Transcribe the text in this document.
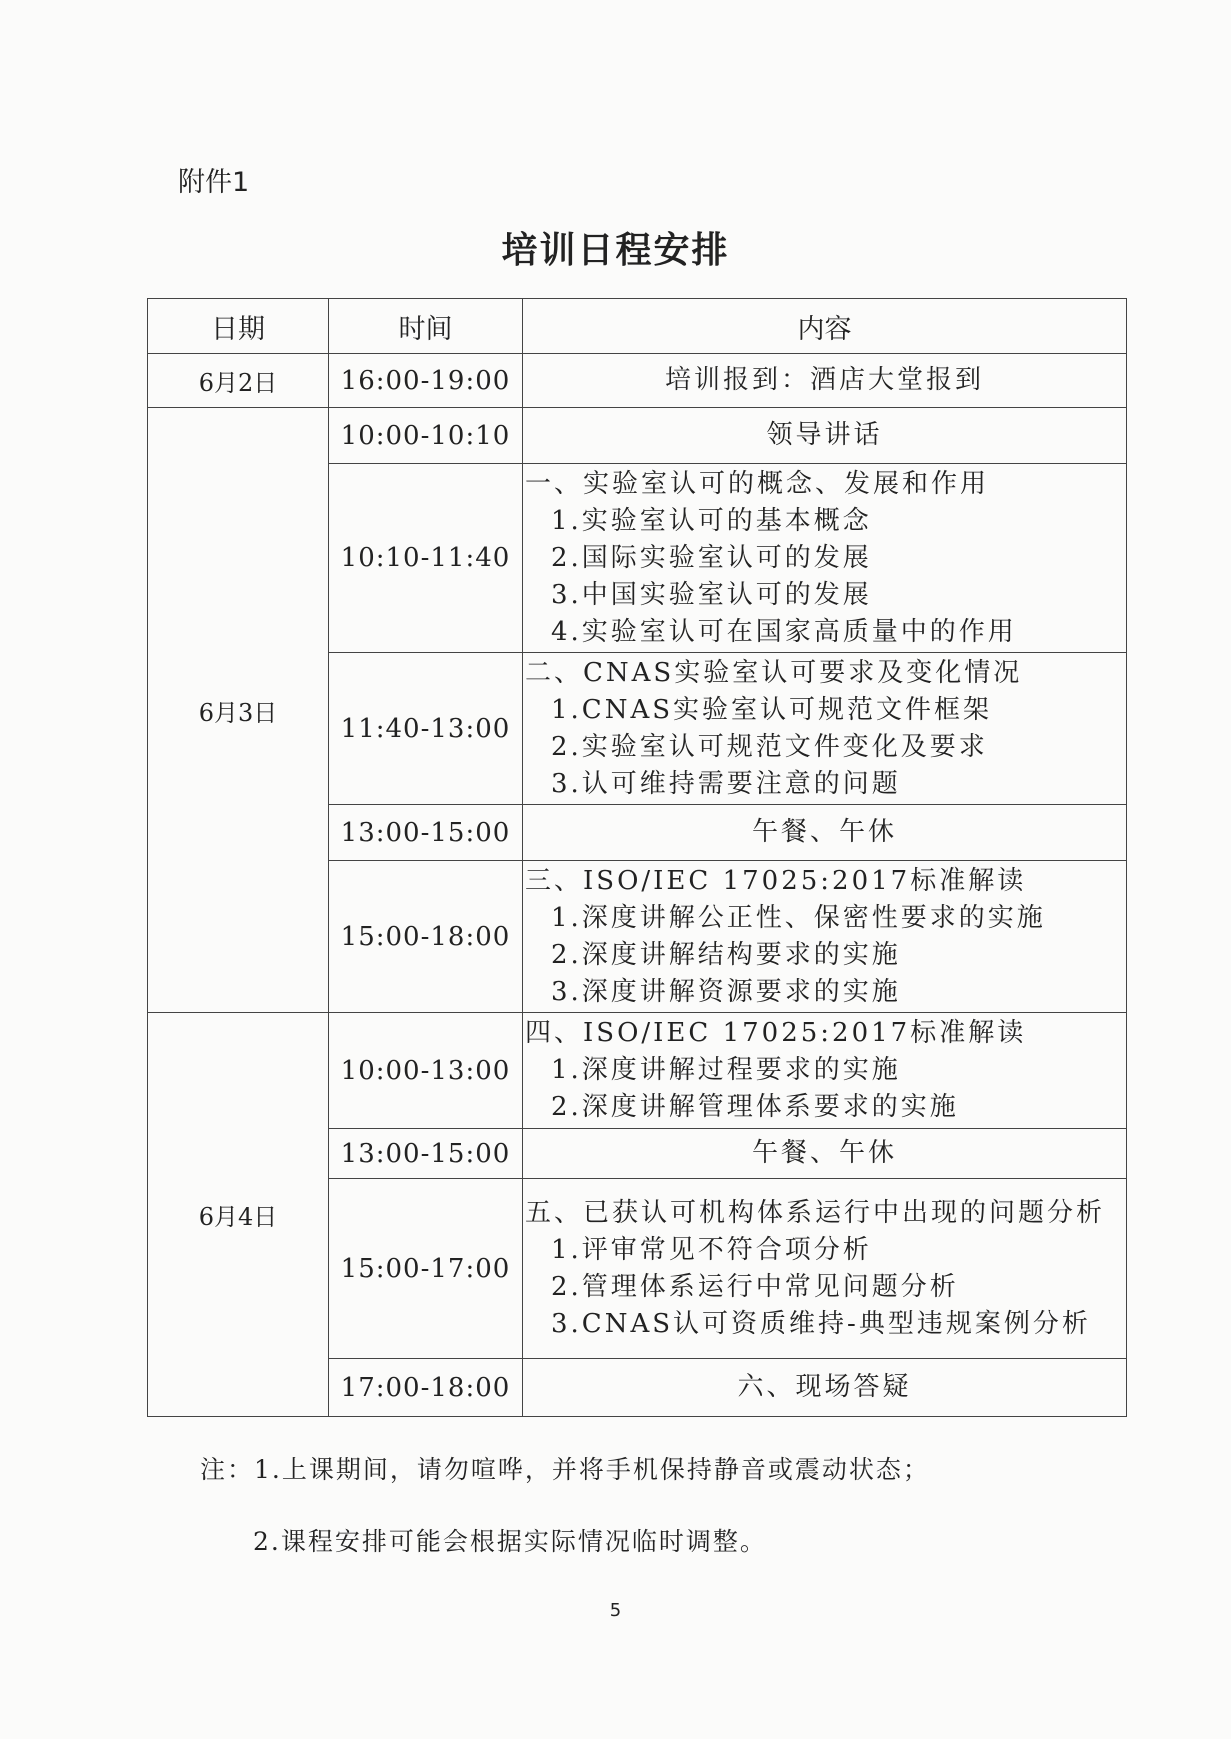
附件1
培训日程安排
日期	时间	内容
6月2日	16:00-19:00	培训报到：酒店大堂报到

6月3日	10:00-10:10	领导讲话

	10:10-11:40	一、实验室认可的概念、发展和作用
1.实验室认可的基本概念
2.国际实验室认可的发展
3.中国实验室认可的发展
4.实验室认可在国家高质量中的作用

	11:40-13:00	二、CNAS实验室认可要求及变化情况
1.CNAS实验室认可规范文件框架
2.实验室认可规范文件变化及要求
3.认可维持需要注意的问题

	13:00-15:00	午餐、午休

	15:00-18:00	三、ISO/IEC 17025:2017标准解读
1.深度讲解公正性、保密性要求的实施
2.深度讲解结构要求的实施
3.深度讲解资源要求的实施

6月4日	10:00-13:00	四、ISO/IEC 17025:2017标准解读
1.深度讲解过程要求的实施
2.深度讲解管理体系要求的实施

	13:00-15:00	午餐、午休

	15:00-17:00	五、已获认可机构体系运行中出现的问题分析
1.评审常见不符合项分析
2.管理体系运行中常见问题分析
3.CNAS认可资质维持-典型违规案例分析

	17:00-18:00	六、现场答疑
注：1.上课期间，请勿喧哗，并将手机保持静音或震动状态；
2.课程安排可能会根据实际情况临时调整。
5
